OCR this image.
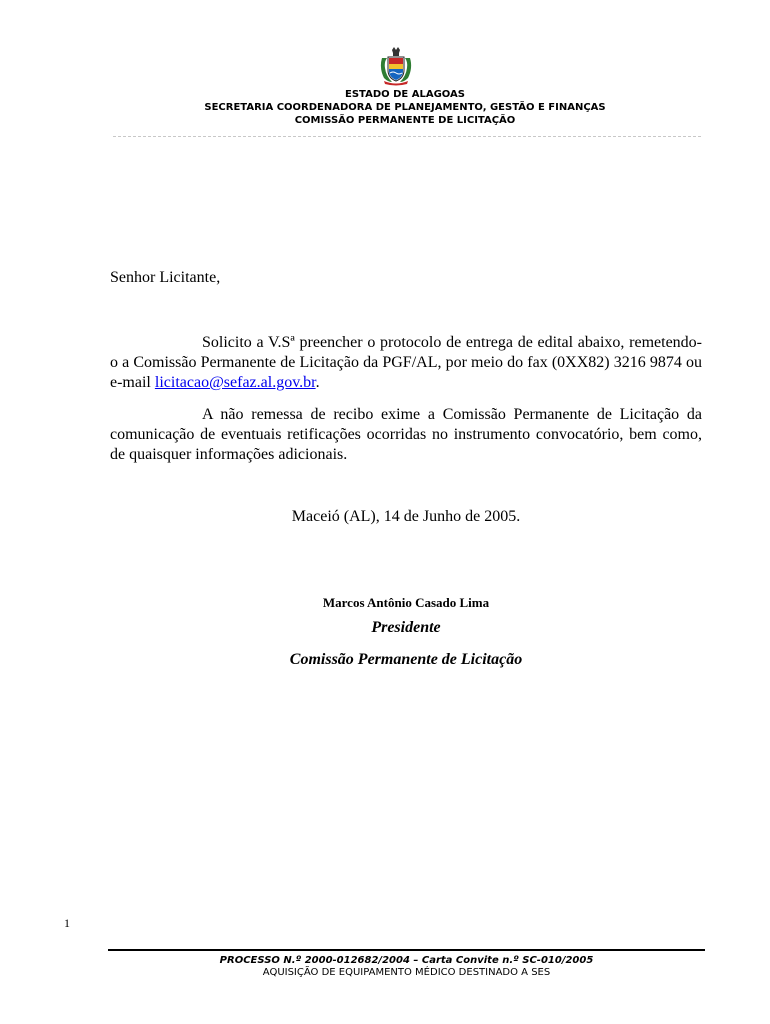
ESTADO DE ALAGOAS
SECRETARIA COORDENADORA DE PLANEJAMENTO, GESTÃO E FINANÇAS
COMISSÃO PERMANENTE DE LICITAÇÃO
Senhor Licitante,
Solicito a V.Sª preencher o protocolo de entrega de edital abaixo, remetendo-o a Comissão Permanente de Licitação da PGF/AL, por meio do fax (0XX82) 3216 9874 ou e-mail licitacao@sefaz.al.gov.br.
A não remessa de recibo exime a Comissão Permanente de Licitação da comunicação de eventuais retificações ocorridas no instrumento convocatório, bem como, de quaisquer informações adicionais.
Maceió (AL), 14 de Junho de 2005.
Marcos Antônio Casado Lima
Presidente
Comissão Permanente de Licitação
1
PROCESSO N.º 2000-012682/2004 – Carta Convite n.º SC-010/2005
AQUISIÇÃO DE EQUIPAMENTO MÉDICO DESTINADO A SES
